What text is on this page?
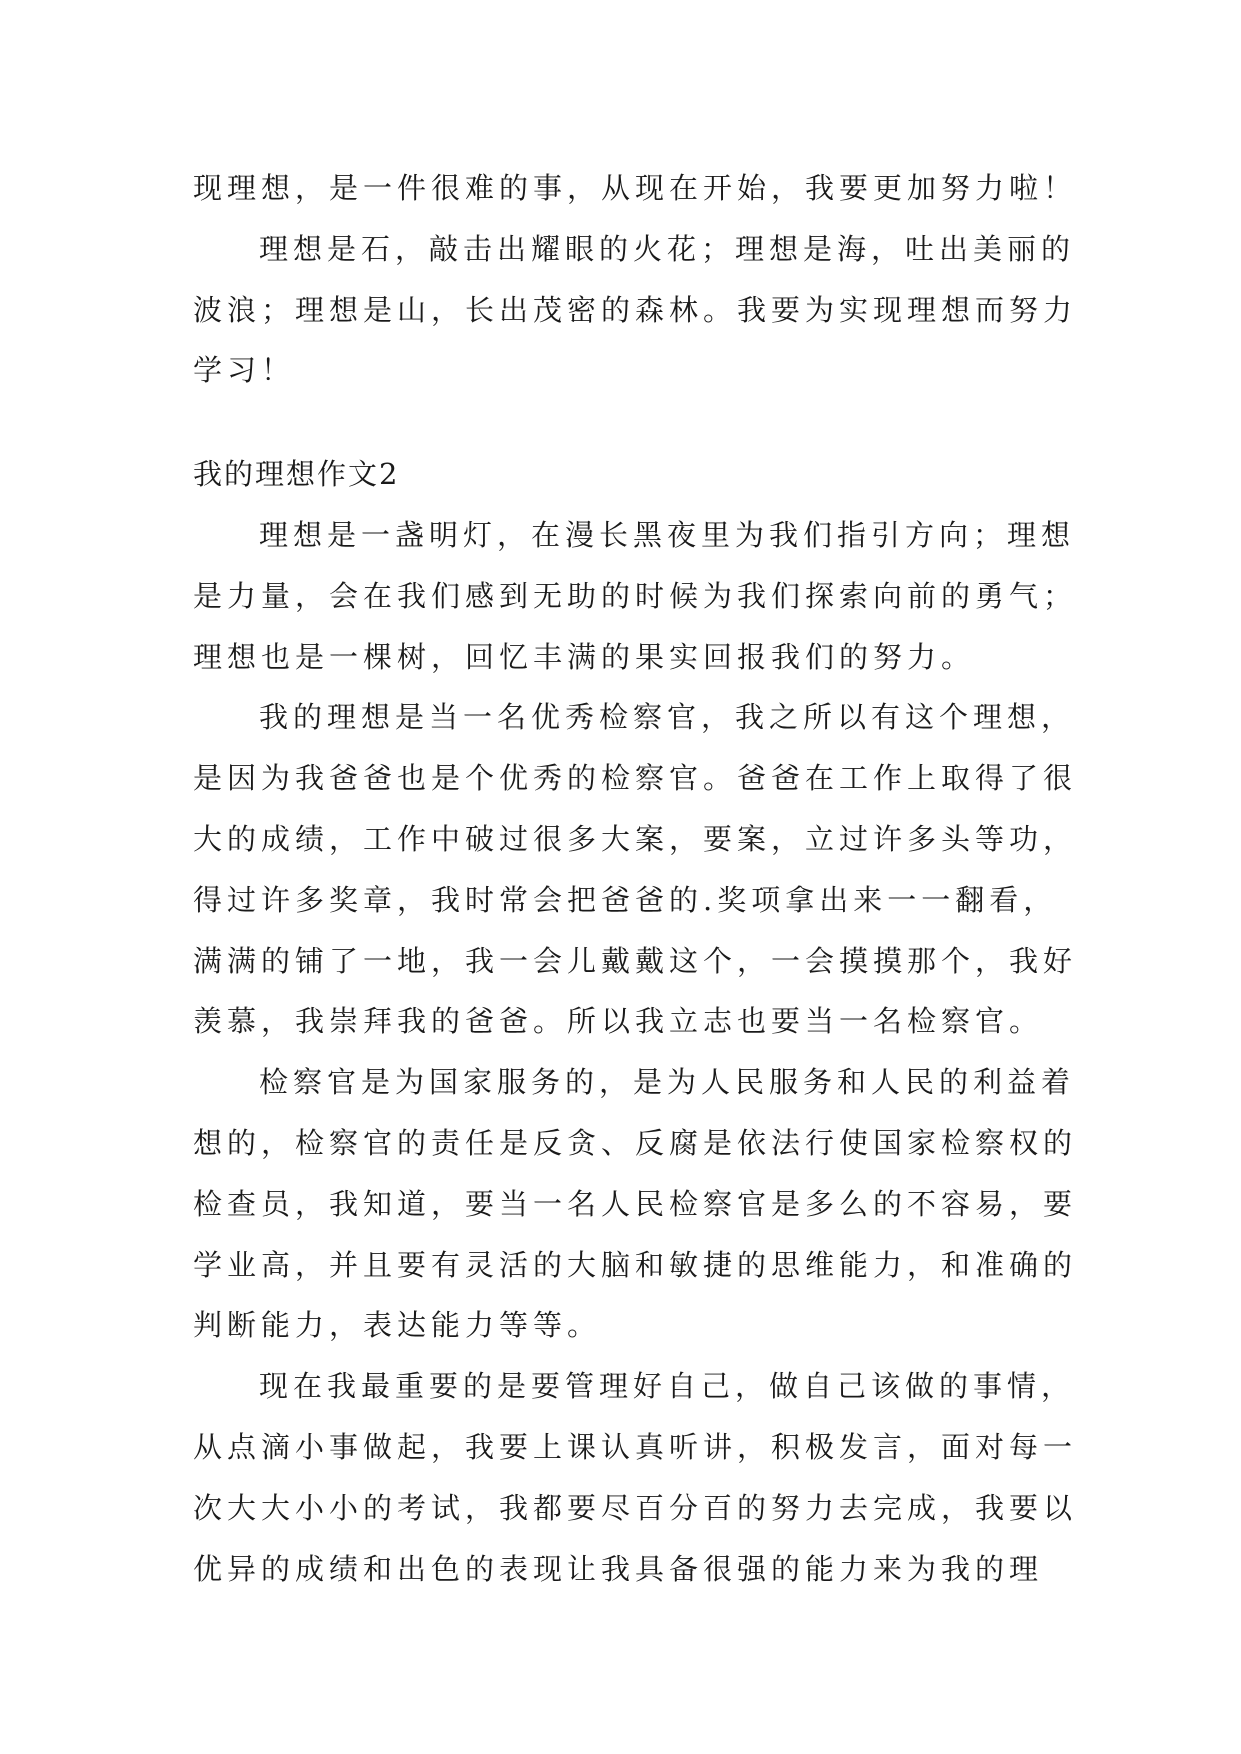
现理想，是一件很难的事，从现在开始，我要更加努力啦！
理想是石，敲击出耀眼的火花；理想是海，吐出美丽的
波浪；理想是山，长出茂密的森林。我要为实现理想而努力
学习！
我的理想作文2
理想是一盏明灯，在漫长黑夜里为我们指引方向；理想
是力量，会在我们感到无助的时候为我们探索向前的勇气；
理想也是一棵树，回忆丰满的果实回报我们的努力。
我的理想是当一名优秀检察官，我之所以有这个理想，
是因为我爸爸也是个优秀的检察官。爸爸在工作上取得了很
大的成绩，工作中破过很多大案，要案，立过许多头等功，
得过许多奖章，我时常会把爸爸的.奖项拿出来一一翻看，
满满的铺了一地，我一会儿戴戴这个，一会摸摸那个，我好
羡慕，我崇拜我的爸爸。所以我立志也要当一名检察官。
检察官是为国家服务的，是为人民服务和人民的利益着
想的，检察官的责任是反贪、反腐是依法行使国家检察权的
检查员，我知道，要当一名人民检察官是多么的不容易，要
学业高，并且要有灵活的大脑和敏捷的思维能力，和准确的
判断能力，表达能力等等。
现在我最重要的是要管理好自己，做自己该做的事情，
从点滴小事做起，我要上课认真听讲，积极发言，面对每一
次大大小小的考试，我都要尽百分百的努力去完成，我要以
优异的成绩和出色的表现让我具备很强的能力来为我的理
